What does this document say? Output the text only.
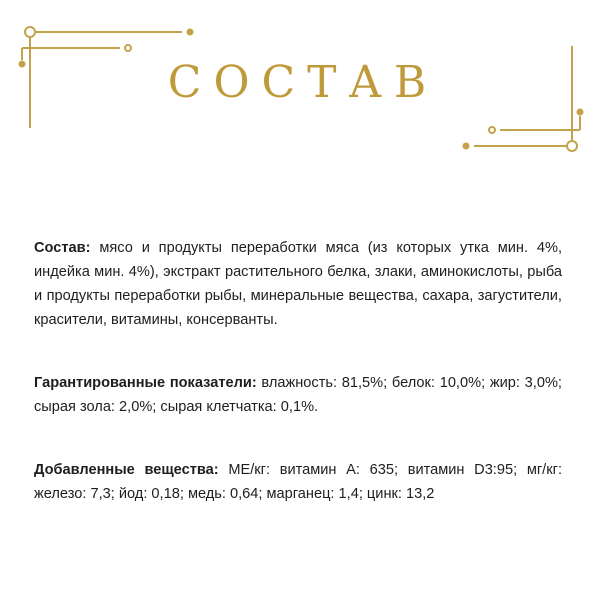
СОСТАВ
Состав: мясо и продукты переработки мяса (из которых утка мин. 4%, индейка мин. 4%), экстракт растительного белка, злаки, аминокислоты, рыба и продукты переработки рыбы, минеральные вещества, сахара, загустители, красители, витамины, консерванты.
Гарантированные показатели: влажность: 81,5%; белок: 10,0%; жир: 3,0%; сырая зола: 2,0%; сырая клетчатка: 0,1%.
Добавленные вещества: МЕ/кг: витамин А: 635; витамин D3:95; мг/кг: железо: 7,3; йод: 0,18; медь: 0,64; марганец: 1,4; цинк: 13,2
